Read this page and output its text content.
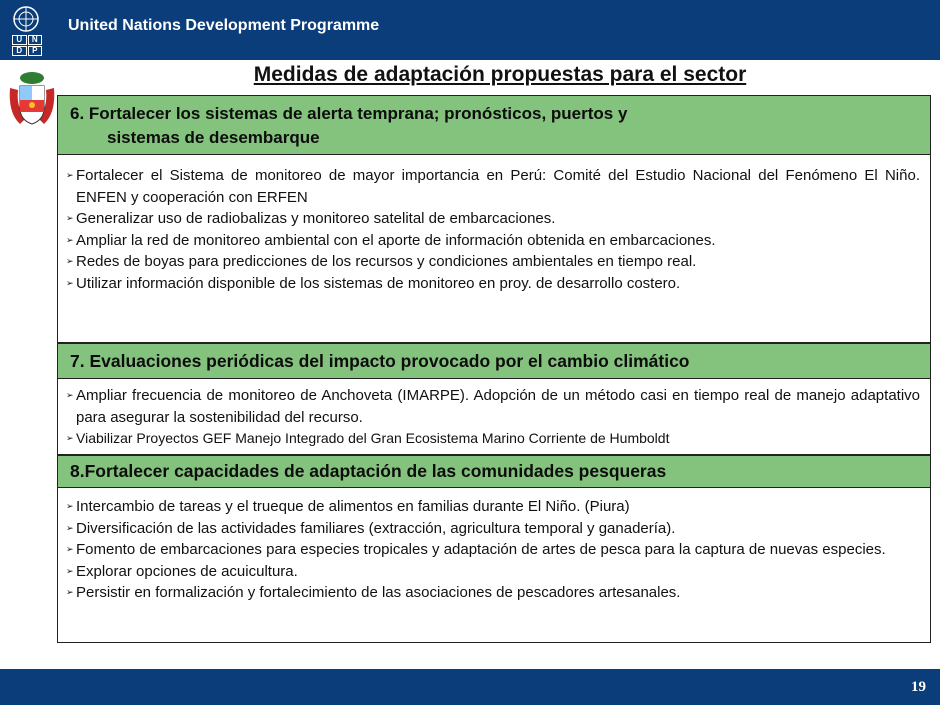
U	N
D	P
United Nations Development Programme
Medidas de adaptación propuestas para el sector
6. Fortalecer los sistemas de alerta temprana; pronósticos, puertos y
sistemas de desembarque
➢ Fortalecer el Sistema de monitoreo de mayor importancia en Perú: Comité del Estudio Nacional del Fenómeno El Niño. ENFEN y cooperación con ERFEN
➢ Generalizar uso de radiobalizas y monitoreo satelital de embarcaciones.
➢ Ampliar la red de monitoreo ambiental con el aporte de información obtenida en embarcaciones.
➢ Redes de boyas para predicciones de los recursos y condiciones ambientales en tiempo real.
➢ Utilizar información disponible de los sistemas de monitoreo en proy. de desarrollo costero.
7. Evaluaciones periódicas del impacto provocado por el cambio climático
➢ Ampliar frecuencia de monitoreo de Anchoveta (IMARPE). Adopción de un método casi en tiempo real de manejo adaptativo para asegurar la sostenibilidad del recurso.
➢ Viabilizar Proyectos GEF Manejo Integrado del Gran Ecosistema Marino Corriente de Humboldt
8.Fortalecer capacidades de adaptación de las comunidades pesqueras
➢ Intercambio de tareas y el trueque de alimentos en familias durante El Niño. (Piura)
➢ Diversificación de las actividades familiares (extracción, agricultura temporal y ganadería).
➢ Fomento de embarcaciones para especies tropicales y adaptación de artes de pesca para la captura de nuevas especies.
➢ Explorar opciones de acuicultura.
➢ Persistir en formalización y fortalecimiento de las asociaciones de pescadores artesanales.
19
